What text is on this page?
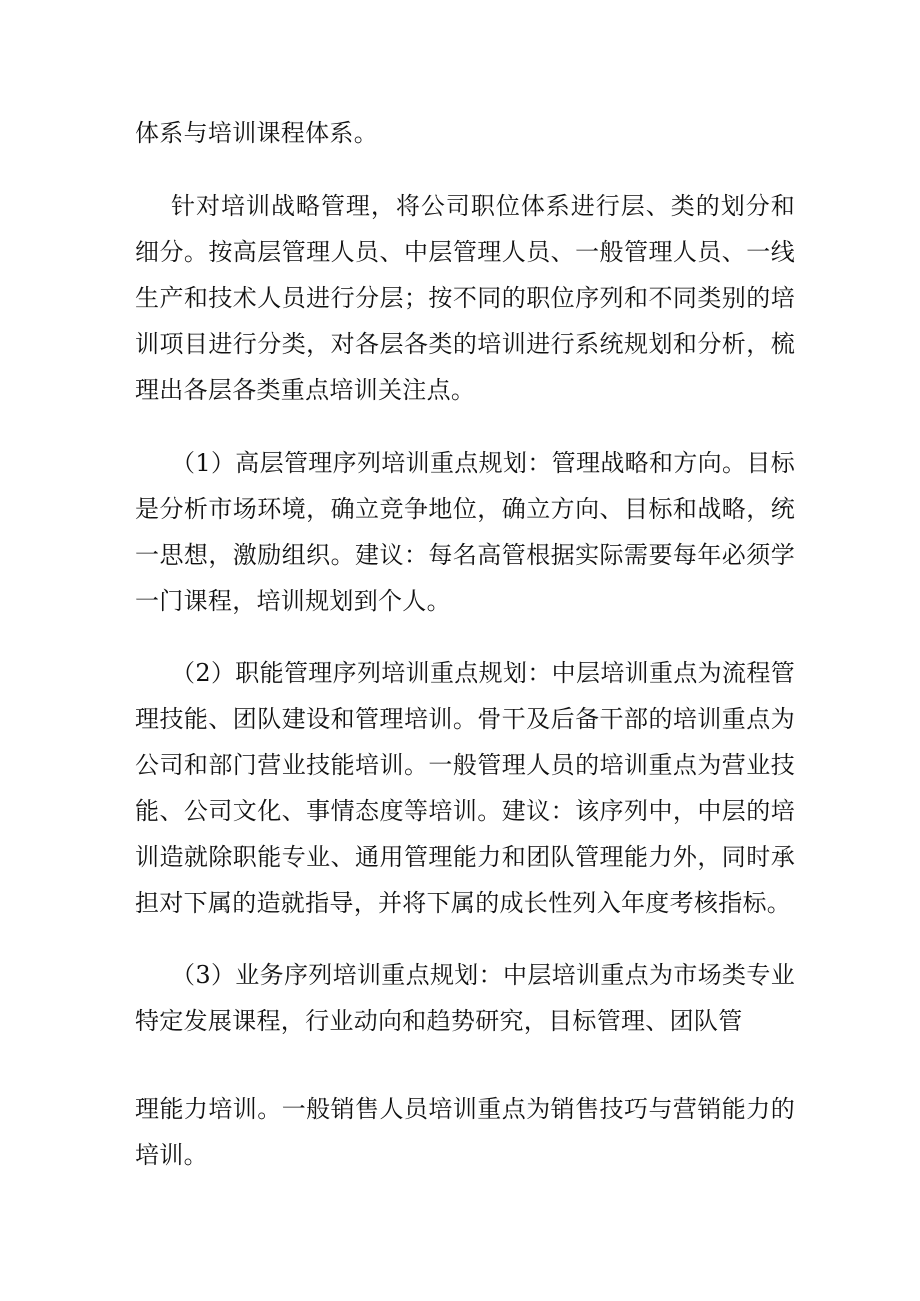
体系与培训课程体系。

针对培训战略管理，将公司职位体系进行层、类的划分和细分。按高层管理人员、中层管理人员、一般管理人员、一线生产和技术人员进行分层；按不同的职位序列和不同类别的培训项目进行分类，对各层各类的培训进行系统规划和分析，梳理出各层各类重点培训关注点。

（1）高层管理序列培训重点规划：管理战略和方向。目标是分析市场环境，确立竞争地位，确立方向、目标和战略，统一思想，激励组织。建议：每名高管根据实际需要每年必须学一门课程，培训规划到个人。

（2）职能管理序列培训重点规划：中层培训重点为流程管理技能、团队建设和管理培训。骨干及后备干部的培训重点为公司和部门营业技能培训。一般管理人员的培训重点为营业技能、公司文化、事情态度等培训。建议：该序列中，中层的培训造就除职能专业、通用管理能力和团队管理能力外，同时承担对下属的造就指导，并将下属的成长性列入年度考核指标。

（3）业务序列培训重点规划：中层培训重点为市场类专业特定发展课程，行业动向和趋势研究，目标管理、团队管

理能力培训。一般销售人员培训重点为销售技巧与营销能力的培训。
